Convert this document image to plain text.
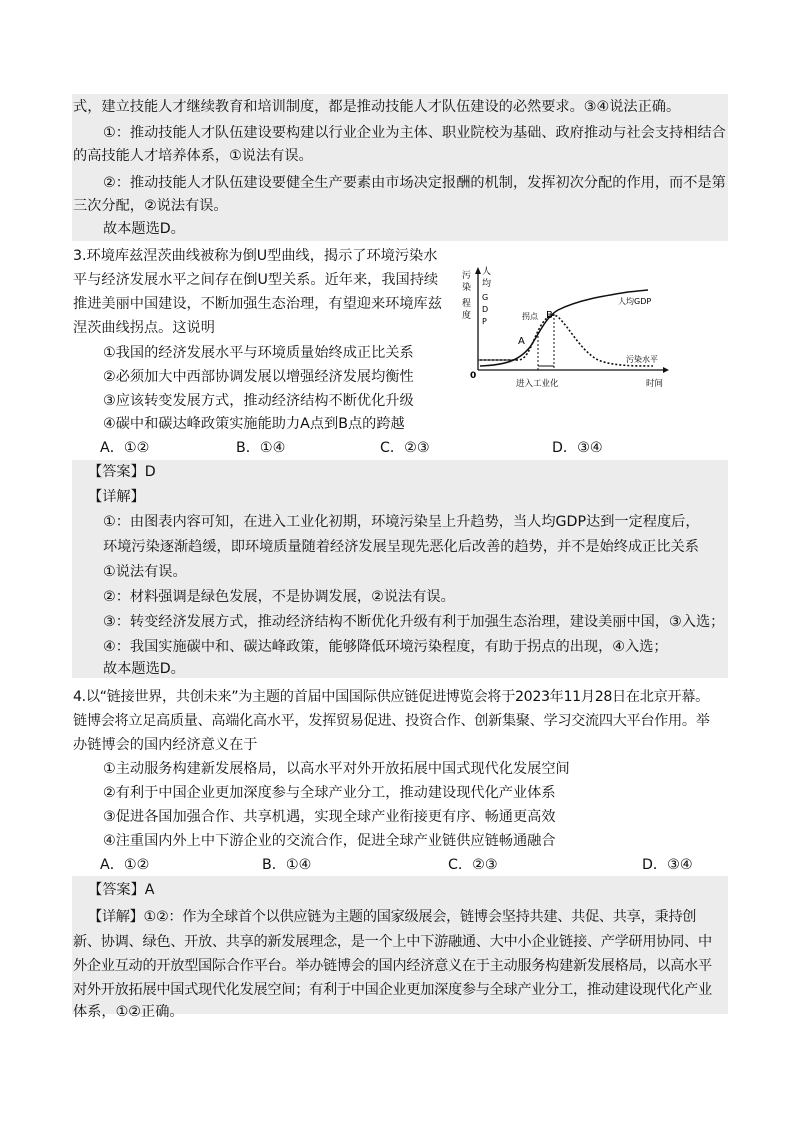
式，建立技能人才继续教育和培训制度，都是推动技能人才队伍建设的必然要求。③④说法正确。
①：推动技能人才队伍建设要构建以行业企业为主体、职业院校为基础、政府推动与社会支持相结合
的高技能人才培养体系，①说法有误。
②：推动技能人才队伍建设要健全生产要素由市场决定报酬的机制，发挥初次分配的作用，而不是第
三次分配，②说法有误。
故本题选D。
3.环境库兹涅茨曲线被称为倒U型曲线，揭示了环境污染水
平与经济发展水平之间存在倒U型关系。近年来，我国持续
推进美丽中国建设，不断加强生态治理，有望迎来环境库兹
涅茨曲线拐点。这说明
①我国的经济发展水平与环境质量始终成正比关系
②必须加大中西部协调发展以增强经济发展均衡性
③应该转变发展方式，推动经济结构不断优化升级
④碳中和碳达峰政策实施能助力A点到B点的跨越
A．①②	B．①④	C．②③	D．③④
污
染
程
度
人
均
G
D
P
0
人均GDP
污染水平
拐点 B
A
进入工业化	时间
【答案】D
【详解】
①：由图表内容可知，在进入工业化初期，环境污染呈上升趋势，当人均GDP达到一定程度后，
环境污染逐渐趋缓，即环境质量随着经济发展呈现先恶化后改善的趋势，并不是始终成正比关系
①说法有误。
②：材料强调是绿色发展，不是协调发展，②说法有误。
③：转变经济发展方式，推动经济结构不断优化升级有利于加强生态治理，建设美丽中国，③入选；
④：我国实施碳中和、碳达峰政策，能够降低环境污染程度，有助于拐点的出现，④入选；
故本题选D。
4.以“链接世界，共创未来”为主题的首届中国国际供应链促进博览会将于2023年11月28日在北京开幕。
链博会将立足高质量、高端化高水平，发挥贸易促进、投资合作、创新集聚、学习交流四大平台作用。举
办链博会的国内经济意义在于
①主动服务构建新发展格局，以高水平对外开放拓展中国式现代化发展空间
②有利于中国企业更加深度参与全球产业分工，推动建设现代化产业体系
③促进各国加强合作、共享机遇，实现全球产业衔接更有序、畅通更高效
④注重国内外上中下游企业的交流合作，促进全球产业链供应链畅通融合
A．①②	B．①④	C．②③	D．③④
【答案】A
【详解】①②：作为全球首个以供应链为主题的国家级展会，链博会坚持共建、共促、共享，秉持创
新、协调、绿色、开放、共享的新发展理念，是一个上中下游融通、大中小企业链接、产学研用协同、中
外企业互动的开放型国际合作平台。举办链博会的国内经济意义在于主动服务构建新发展格局，以高水平
对外开放拓展中国式现代化发展空间；有利于中国企业更加深度参与全球产业分工，推动建设现代化产业
体系，①②正确。
